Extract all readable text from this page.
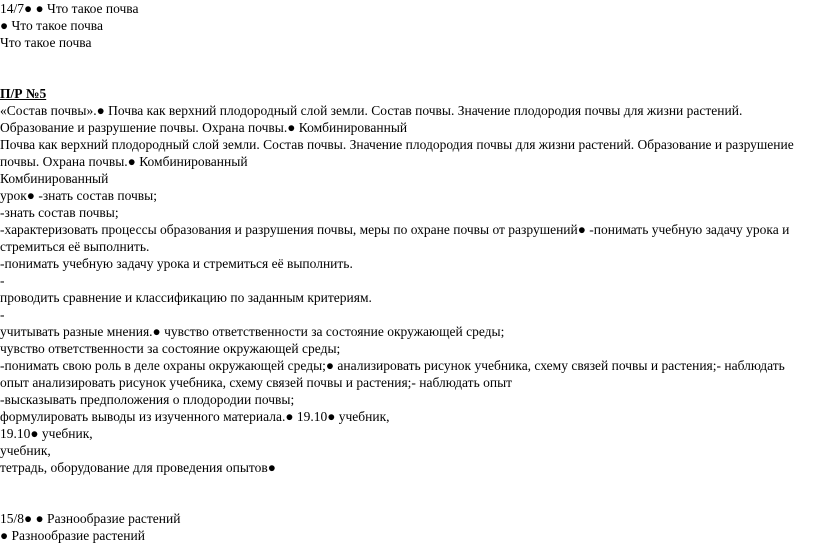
14/7● ● Что такое почва

● Что такое почва

Что такое почва

П/Р №5

«Состав почвы».● Почва как верхний плодородный слой земли. Состав почвы. Значение плодородия почвы для жизни растений. Образование и разрушение почвы. Охрана почвы.● Комбинированный

Почва как верхний плодородный слой земли. Состав почвы. Значение плодородия почвы для жизни растений. Образование и разрушение почвы. Охрана почвы.● Комбинированный

Комбинированный

урок● -знать состав почвы;

-знать состав почвы;

-характеризовать процессы образования и разрушения почвы, меры по охране почвы от разрушений● -понимать учебную задачу урока и стремиться её выполнить.

-понимать учебную задачу урока и стремиться её выполнить.

-

проводить сравнение и классификацию по заданным критериям.

-

учитывать разные мнения.● чувство ответственности за состояние окружающей среды;

чувство ответственности за состояние окружающей среды;

-понимать свою роль в деле охраны окружающей среды;● анализировать рисунок учебника, схему связей почвы и растения;- наблюдать опыт анализировать рисунок учебника, схему связей почвы и растения;- наблюдать опыт

-высказывать предположения о плодородии почвы;

формулировать выводы из изученного материала.● 19.10● учебник,

19.10● учебник,

учебник,

тетрадь, оборудование для проведения опытов●

15/8● ● Разнообразие растений

● Разнообразие растений
